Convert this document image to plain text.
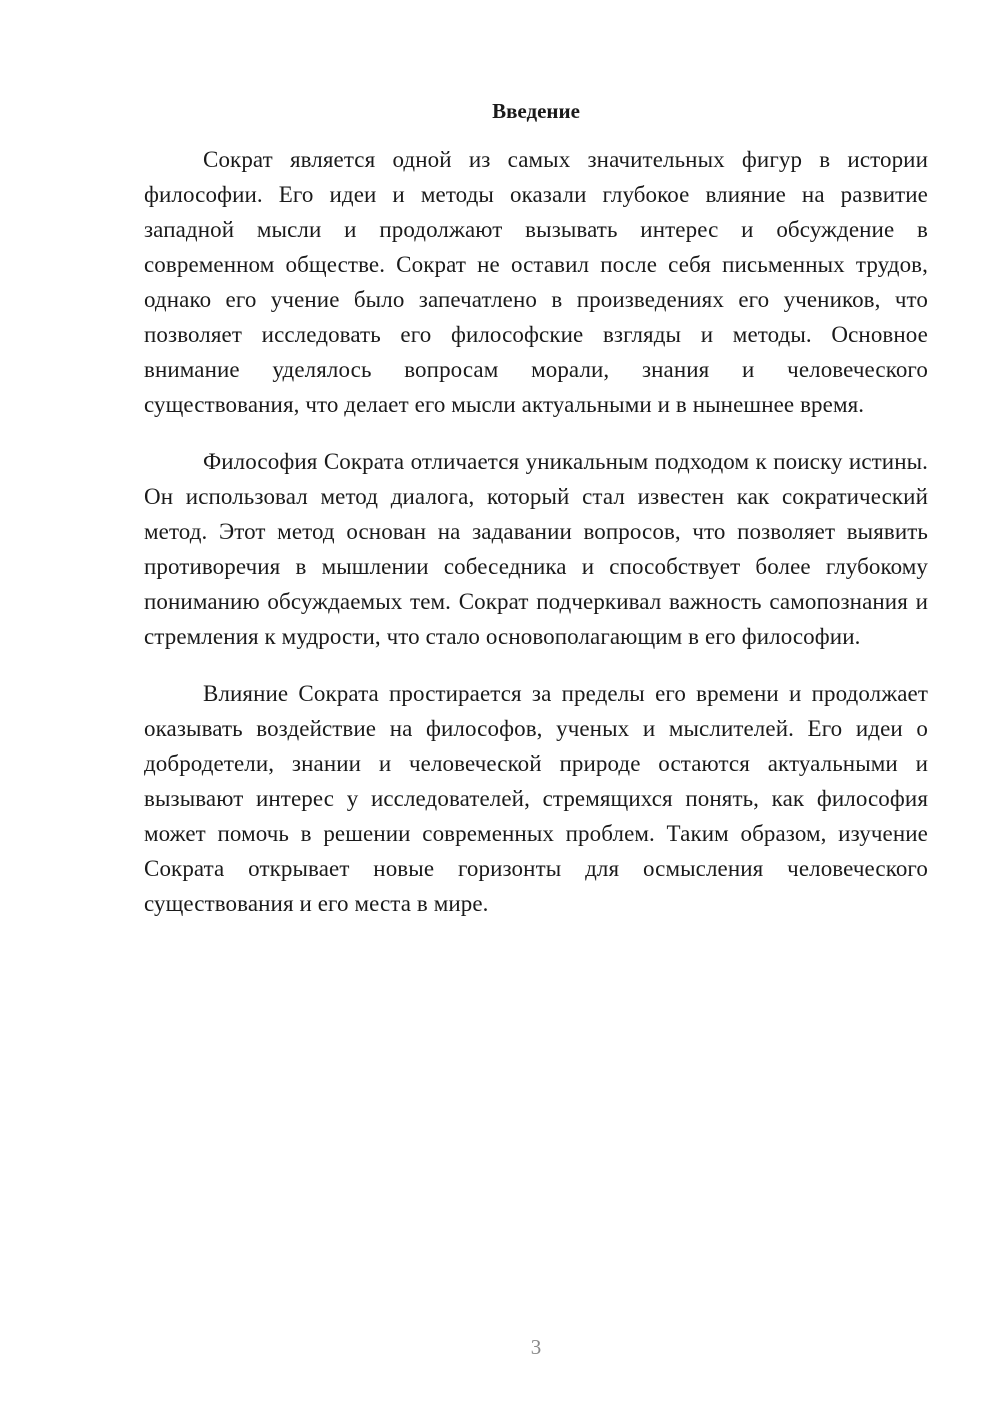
Введение

Сократ является одной из самых значительных фигур в истории философии. Его идеи и методы оказали глубокое влияние на развитие западной мысли и продолжают вызывать интерес и обсуждение в современном обществе. Сократ не оставил после себя письменных трудов, однако его учение было запечатлено в произведениях его учеников, что позволяет исследовать его философские взгляды и методы. Основное внимание уделялось вопросам морали, знания и человеческого существования, что делает его мысли актуальными и в нынешнее время.

Философия Сократа отличается уникальным подходом к поиску истины. Он использовал метод диалога, который стал известен как сократический метод. Этот метод основан на задавании вопросов, что позволяет выявить противоречия в мышлении собеседника и способствует более глубокому пониманию обсуждаемых тем. Сократ подчеркивал важность самопознания и стремления к мудрости, что стало основополагающим в его философии.

Влияние Сократа простирается за пределы его времени и продолжает оказывать воздействие на философов, ученых и мыслителей. Его идеи о добродетели, знании и человеческой природе остаются актуальными и вызывают интерес у исследователей, стремящихся понять, как философия может помочь в решении современных проблем. Таким образом, изучение Сократа открывает новые горизонты для осмысления человеческого существования и его места в мире.

3
